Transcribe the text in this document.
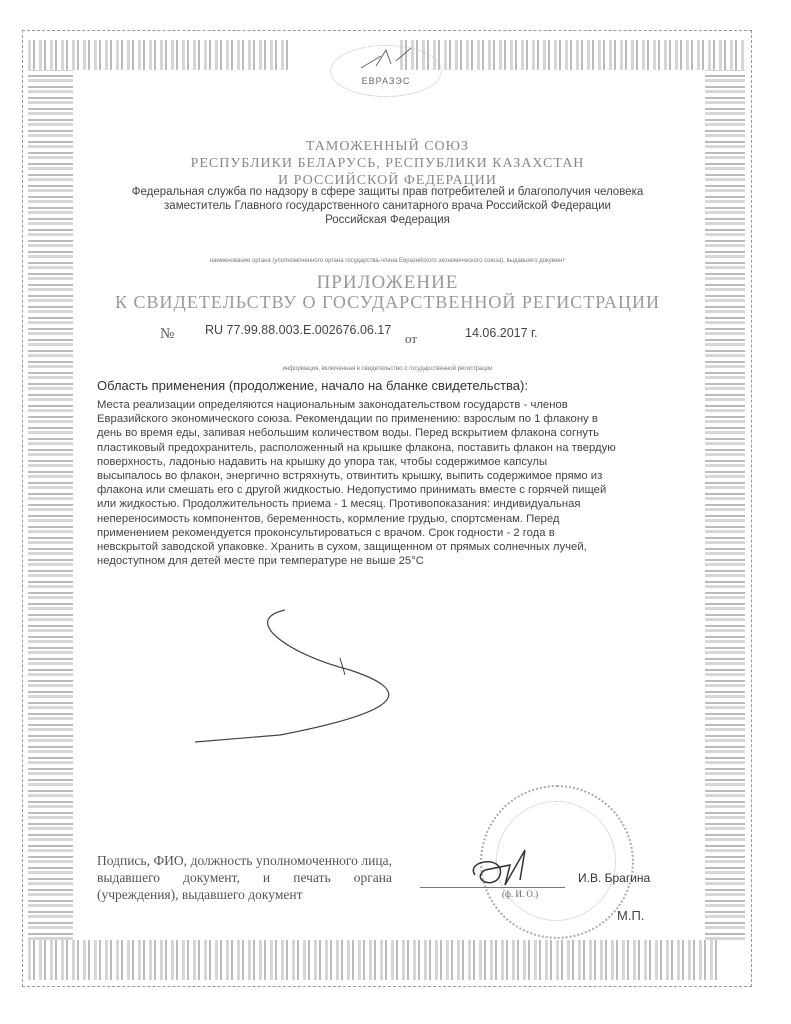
ЕВРАЗЭС
ТАМОЖЕННЫЙ СОЮЗ
РЕСПУБЛИКИ БЕЛАРУСЬ, РЕСПУБЛИКИ КАЗАХСТАН
И РОССИЙСКОЙ ФЕДЕРАЦИИ
Федеральная служба по надзору в сфере защиты прав потребителей и благополучия человека
заместитель Главного государственного санитарного врача Российской Федерации
Российская Федерация
наименование органа (уполномоченного органа государства-члена Евразийского экономического союза), выдавшего документ
ПРИЛОЖЕНИЕ
К СВИДЕТЕЛЬСТВУ О ГОСУДАРСТВЕННОЙ РЕГИСТРАЦИИ
№ RU 77.99.88.003.Е.002676.06.17
от	14.06.2017 г.
информация, включенная в свидетельство о государственной регистрации
Область применения (продолжение, начало на бланке свидетельства):
Места реализации определяются национальным законодательством государств - членов
Евразийского экономического союза. Рекомендации по применению: взрослым по 1 флакону в
день во время еды, запивая небольшим количеством воды. Перед вскрытием флакона согнуть
пластиковый предохранитель, расположенный на крышке флакона, поставить флакон на твердую
поверхность, ладонью надавить на крышку до упора так, чтобы содержимое капсулы
высыпалось во флакон, энергично встряхнуть, отвинтить крышку, выпить содержимое прямо из
флакона или смешать его с другой жидкостью. Недопустимо принимать вместе с горячей пищей
или жидкостью. Продолжительность приема - 1 месяц. Противопоказания: индивидуальная
непереносимость компонентов, беременность, кормление грудью, спортсменам. Перед
применением рекомендуется проконсультироваться с врачом. Срок годности - 2 года в
невскрытой заводской упаковке. Хранить в сухом, защищенном от прямых солнечных лучей,
недоступном для детей месте при температуре не выше 25°С
Подпись, ФИО, должность уполномоченного лица, выдавшего документ, и печать органа (учреждения), выдавшего документ
И.В. Брагина
(ф. И. О.)
М.П.
